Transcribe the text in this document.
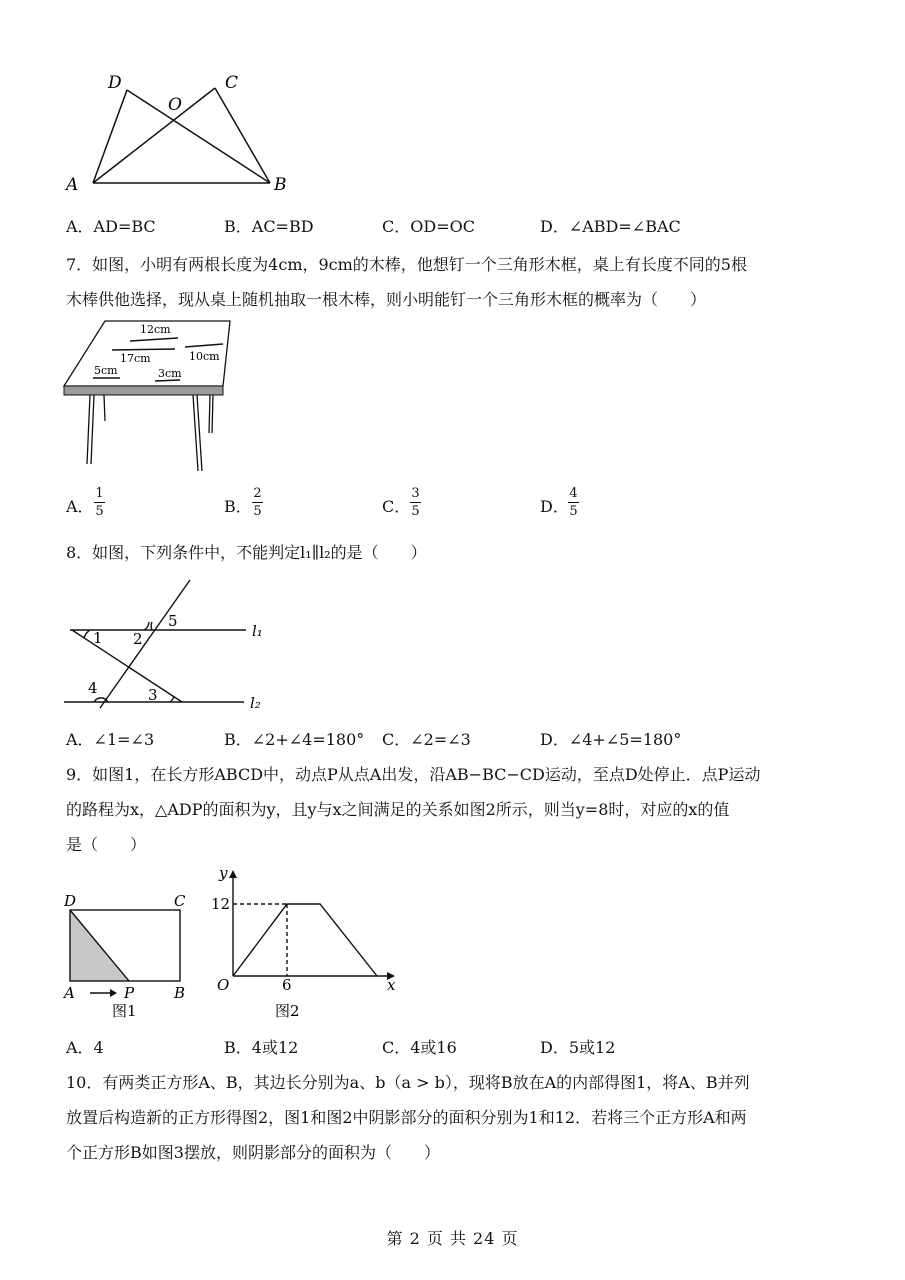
D	C
O
A	B
A．AD=BC	B．AC=BD	C．OD=OC	D．∠ABD=∠BAC
7．如图，小明有两根长度为4cm，9cm的木棒，他想钉一个三角形木框，桌上有长度不同的5根
木棒供他选择，现从桌上随机抽取一根木棒，则小明能钉一个三角形木框的概率为（　　）
12cm
17cm	10cm
5cm	3cm
A．
1
5	B．
2
5	C．
3
5	D．
4
5
8．如图，下列条件中，不能判定l₁∥l₂的是（　　）
1 2
5
4	3
l₁
l₂
A．∠1=∠3	B．∠2+∠4=180° C．∠2=∠3	D．∠4+∠5=180°
9．如图1，在长方形ABCD中，动点P从点A出发，沿AB−BC−CD运动，至点D处停止．点P运动
的路程为x，△ADP的面积为y，且y与x之间满足的关系如图2所示，则当y=8时，对应的x的值
是（　　）
D	C
A	P	B
图1
y
x
O
12
6
图2
A．4	B．4或12	C．4或16	D．5或12
10．有两类正方形A、B，其边长分别为a、b（a > b），现将B放在A的内部得图1，将A、B并列
放置后构造新的正方形得图2，图1和图2中阴影部分的面积分别为1和12．若将三个正方形A和两
个正方形B如图3摆放，则阴影部分的面积为（　　）
第 2 页 共 24 页
